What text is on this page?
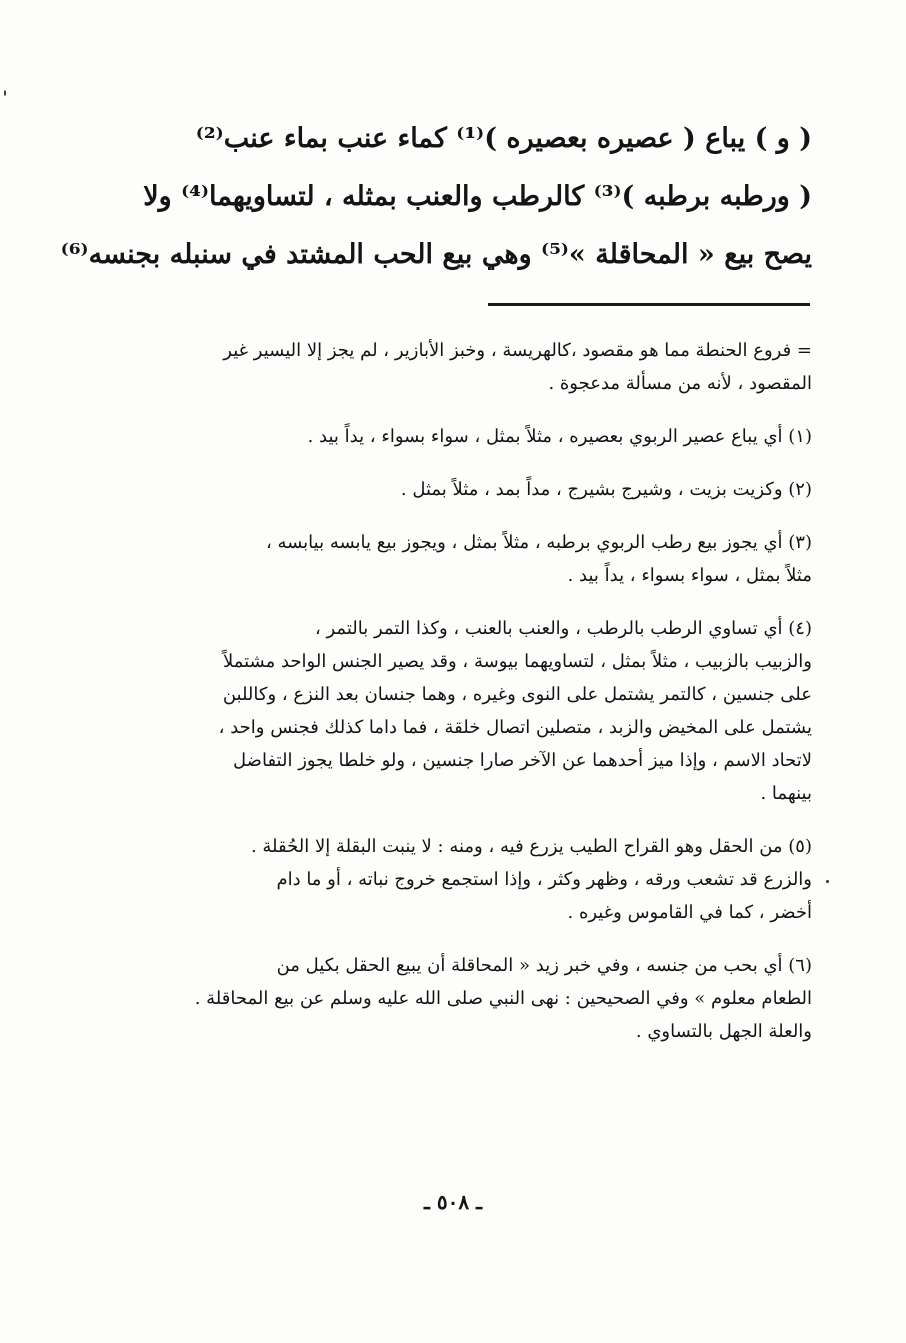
( و ) يباع ( عصيره بعصيره )⁽¹⁾ كماء عنب بماء عنب⁽²⁾
( ورطبه برطبه )⁽³⁾ كالرطب والعنب بمثله ، لتساويهما⁽⁴⁾ ولا
يصح بيع « المحاقلة »⁽⁵⁾ وهي بيع الحب المشتد في سنبله بجنسه⁽⁶⁾
= فروع الحنطة مما هو مقصود ،كالهريسة ، وخبز الأبازير ، لم يجز إلا اليسير غير
المقصود ، لأنه من مسألة مدعجوة .
(١) أي يباع عصير الربوي بعصيره ، مثلاً بمثل ، سواء بسواء ، يداً بيد .
(٢) وكزيت بزيت ، وشيرج بشيرج ، مداً بمد ، مثلاً بمثل .
(٣) أي يجوز بيع رطب الربوي برطبه ، مثلاً بمثل ، ويجوز بيع يابسه بيابسه ،
مثلاً بمثل ، سواء بسواء ، يداً بيد .
(٤) أي تساوي الرطب بالرطب ، والعنب بالعنب ، وكذا التمر بالتمر ،
والزبيب بالزبيب ، مثلاً بمثل ، لتساويهما بيوسة ، وقد يصير الجنس الواحد مشتملاً
على جنسين ، كالتمر يشتمل على النوى وغيره ، وهما جنسان بعد النزع ، وكاللبن
يشتمل على المخيض والزبد ، متصلين اتصال خلقة ، فما داما كذلك فجنس واحد ،
لاتحاد الاسم ، وإذا ميز أحدهما عن الآخر صارا جنسين ، ولو خلطا يجوز التفاضل
بينهما .
(٥) من الحقل وهو القراح الطيب يزرع فيه ، ومنه : لا ينبت البقلة إلا الحُقلة .
والزرع قد تشعب ورقه ، وظهر وكثر ، وإذا استجمع خروج نباته ، أو ما دام
أخضر ، كما في القاموس وغيره .
(٦) أي بحب من جنسه ، وفي خبر زيد « المحاقلة أن يبيع الحقل بكيل من
الطعام معلوم » وفي الصحيحين : نهى النبي صلى الله عليه وسلم عن بيع المحاقلة .
والعلة الجهل بالتساوي .
ـ ٥٠٨ ـ
